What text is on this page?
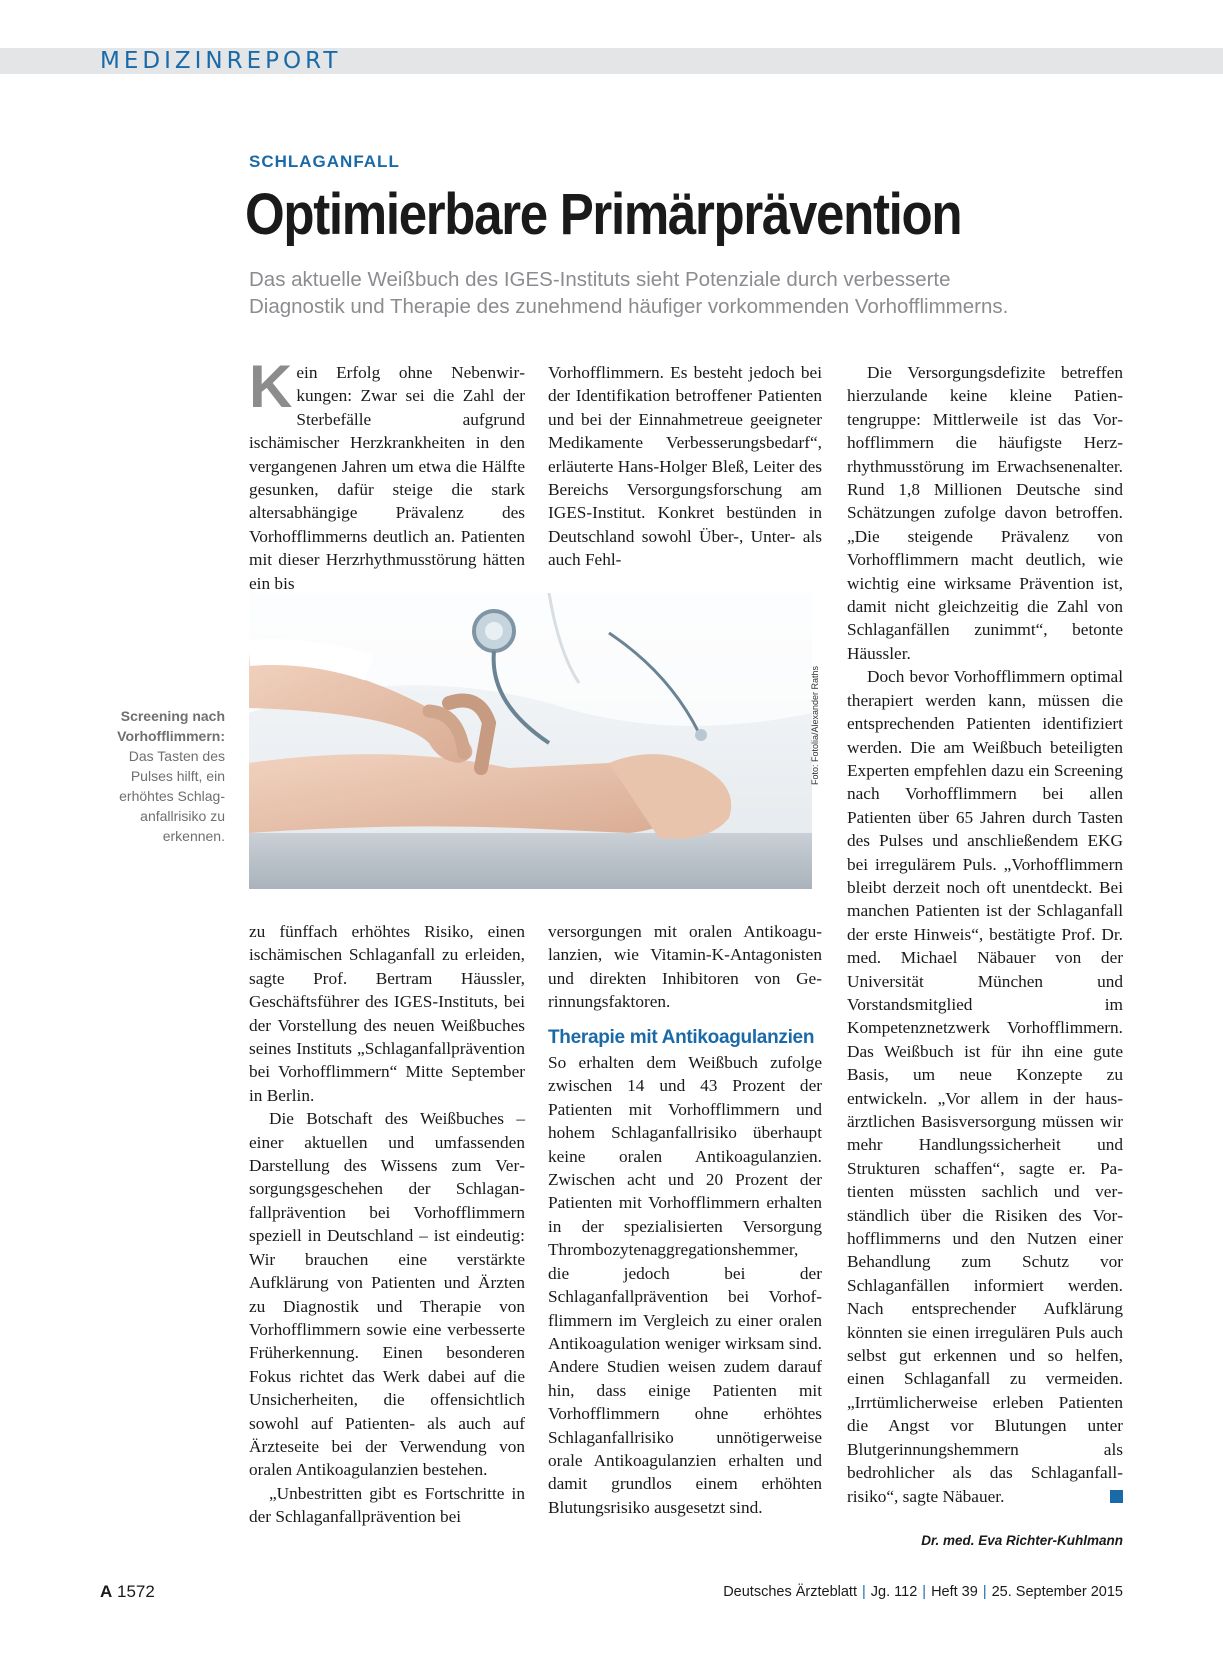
MEDIZINREPORT
SCHLAGANFALL
Optimierbare Primärprävention
Das aktuelle Weißbuch des IGES-Instituts sieht Potenziale durch verbesserte
Diagnostik und Therapie des zunehmend häufiger vorkommenden Vorhofflimmerns.

Kein Erfolg ohne Nebenwirkungen: Zwar sei die Zahl der Sterbefälle aufgrund ischämischer Herzkrankheiten in den vergangenen Jahren um etwa die Hälfte gesunken, dafür steige die stark altersabhängige Prävalenz des Vorhofflimmerns deutlich an. Patienten mit dieser Herzrhythmusstörung hätten ein bis

Vorhofflimmern. Es besteht jedoch bei der Identifikation betroffener Patienten und bei der Einnahmetreue geeigneter Medikamente Verbesserungsbedarf“, erläuterte Hans-Holger Bleß, Leiter des Bereichs Versorgungsforschung am IGES-Institut. Konkret bestünden in Deutschland sowohl Über-, Unter- als auch Fehl-

Foto: Fotolia/Alexander Raths
Screening nach Vorhofflimmern:
Das Tasten des Pulses hilft, ein erhöhtes Schlaganfallrisiko zu erkennen.

zu fünffach erhöhtes Risiko, einen ischämischen Schlaganfall zu erleiden, sagte Prof. Bertram Häussler, Geschäftsführer des IGES-Instituts, bei der Vorstellung des neuen Weißbuches seines Instituts „Schlaganfallprävention bei Vorhofflimmern“ Mitte September in Berlin.

Die Botschaft des Weißbuches – einer aktuellen und umfassenden Darstellung des Wissens zum Versorgungsgeschehen der Schlaganfallprävention bei Vorhofflimmern speziell in Deutschland – ist eindeutig: Wir brauchen eine verstärkte Aufklärung von Patienten und Ärzten zu Diagnostik und Therapie von Vorhofflimmern sowie eine verbesserte Früherkennung. Einen besonderen Fokus richtet das Werk dabei auf die Unsicherheiten, die offensichtlich sowohl auf Patienten- als auch auf Ärzteseite bei der Verwendung von oralen Antikoagulanzien bestehen.

„Unbestritten gibt es Fortschritte in der Schlaganfallprävention bei

versorgungen mit oralen Antikoagulanzien, wie Vitamin-K-Antagonisten und direkten Inhibitoren von Gerinnungsfaktoren.

Therapie mit Antikoagulanzien

So erhalten dem Weißbuch zufolge zwischen 14 und 43 Prozent der Patienten mit Vorhofflimmern und hohem Schlaganfallrisiko überhaupt keine oralen Antikoagulanzien. Zwischen acht und 20 Prozent der Patienten mit Vorhofflimmern erhalten in der spezialisierten Versorgung Thrombozytenaggregationshemmer, die jedoch bei der Schlaganfallprävention bei Vorhofflimmern im Vergleich zu einer oralen Antikoagulation weniger wirksam sind. Andere Studien weisen zudem darauf hin, dass einige Patienten mit Vorhofflimmern ohne erhöhtes Schlaganfallrisiko unnötigerweise orale Antikoagulanzien erhalten und damit grundlos einem erhöhten Blutungsrisiko ausgesetzt sind.

Die Versorgungsdefizite betreffen hierzulande keine kleine Patientengruppe: Mittlerweile ist das Vorhofflimmern die häufigste Herzrhythmusstörung im Erwachsenenalter. Rund 1,8 Millionen Deutsche sind Schätzungen zufolge davon betroffen. „Die steigende Prävalenz von Vorhofflimmern macht deutlich, wie wichtig eine wirksame Prävention ist, damit nicht gleichzeitig die Zahl von Schlaganfällen zunimmt“, betonte Häussler.

Doch bevor Vorhofflimmern optimal therapiert werden kann, müssen die entsprechenden Patienten identifiziert werden. Die am Weißbuch beteiligten Experten empfehlen dazu ein Screening nach Vorhofflimmern bei allen Patienten über 65 Jahren durch Tasten des Pulses und anschließendem EKG bei irregulärem Puls. „Vorhofflimmern bleibt derzeit noch oft unentdeckt. Bei manchen Patienten ist der Schlaganfall der erste Hinweis“, bestätigte Prof. Dr. med. Michael Näbauer von der Universität München und Vorstandsmitglied im Kompetenznetzwerk Vorhofflimmern. Das Weißbuch ist für ihn eine gute Basis, um neue Konzepte zu entwickeln. „Vor allem in der hausärztlichen Basisversorgung müssen wir mehr Handlungssicherheit und Strukturen schaffen“, sagte er. Patienten müssten sachlich und verständlich über die Risiken des Vorhofflimmerns und den Nutzen einer Behandlung zum Schutz vor Schlaganfällen informiert werden. Nach entsprechender Aufklärung könnten sie einen irregulären Puls auch selbst gut erkennen und so helfen, einen Schlaganfall zu vermeiden. „Irrtümlicherweise erleben Patienten die Angst vor Blutungen unter Blutgerinnungshemmern als bedrohlicher als das Schlaganfallrisiko“, sagte Näbauer.

Dr. med. Eva Richter-Kuhlmann
A 1572	Deutsches Ärzteblatt | Jg. 112 | Heft 39 | 25. September 2015
